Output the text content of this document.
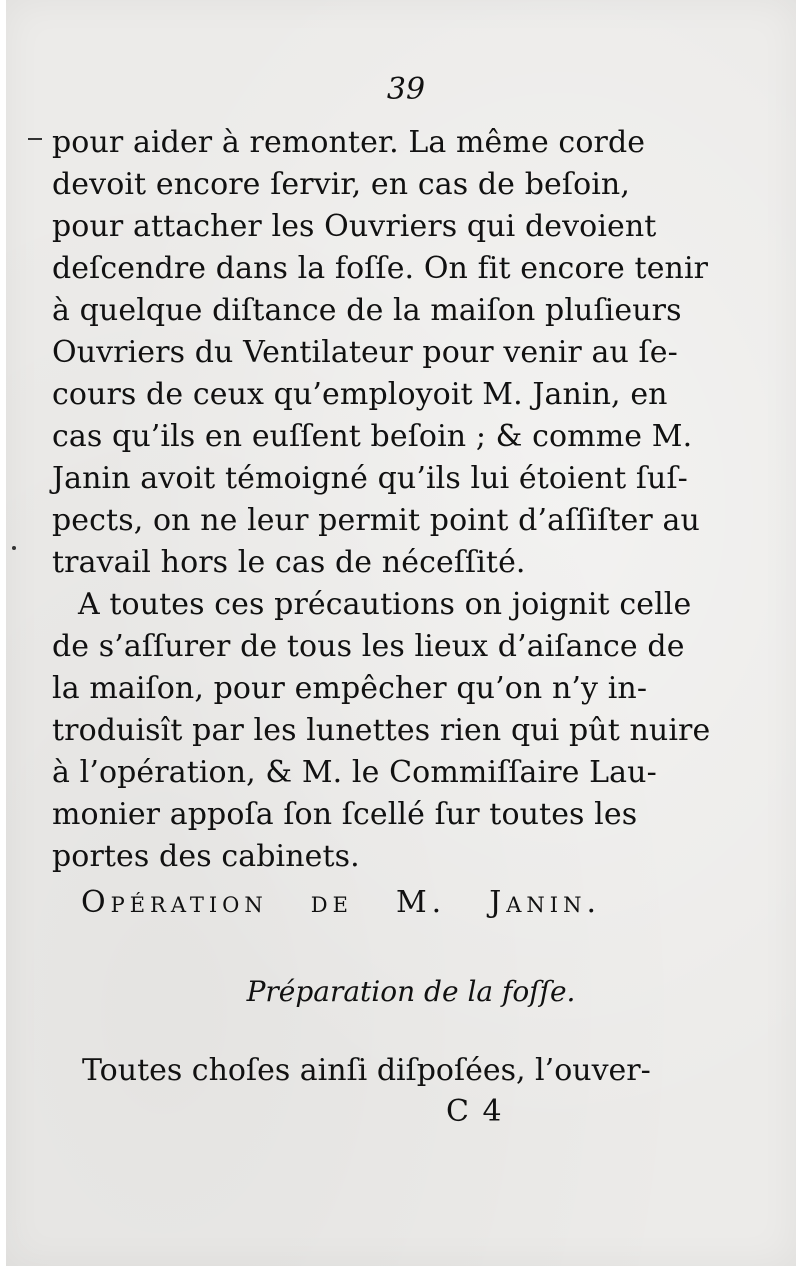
39
pour aider à remonter. La même corde
devoit encore ſervir, en cas de beſoin,
pour attacher les Ouvriers qui devoient
deſcendre dans la foſſe. On fit encore tenir
à quelque diſtance de la maiſon pluſieurs
Ouvriers du Ventilateur pour venir au ſe-
cours de ceux qu’employoit M. Janin, en
cas qu’ils en euſſent beſoin ; & comme M.
Janin avoit témoigné qu’ils lui étoient ſuſ-
pects, on ne leur permit point d’aſſiſter au
travail hors le cas de néceſſité.
A toutes ces précautions on joignit celle
de s’aſſurer de tous les lieux d’aiſance de
la maiſon, pour empêcher qu’on n’y in-
troduisît par les lunettes rien qui pût nuire
à l’opération, & M. le Commiſſaire Lau-
monier appoſa ſon ſcellé ſur toutes les
portes des cabinets.
Opération de M. Janin.
Préparation de la foſſe.
Toutes choſes ainſi diſpoſées, l’ouver-
C 4
